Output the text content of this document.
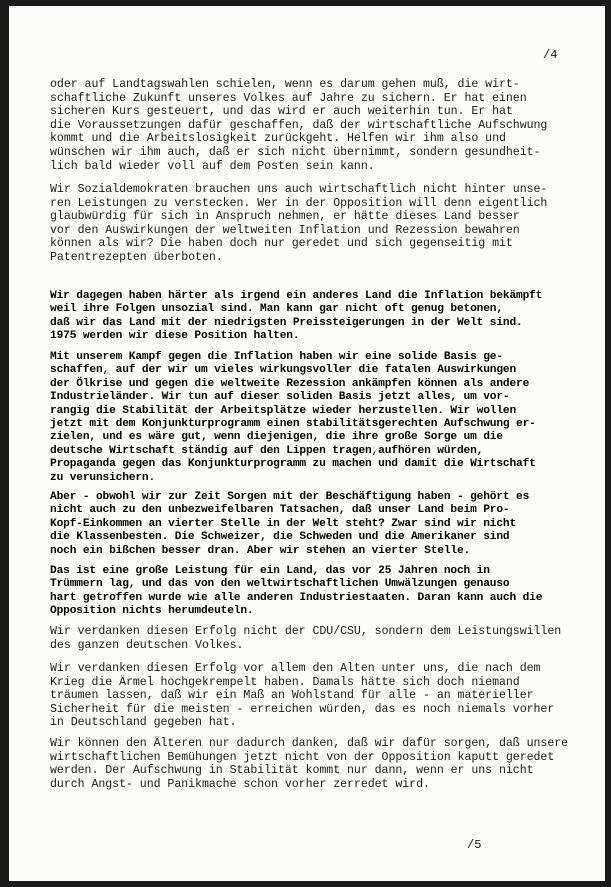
/4
oder auf Landtagswahlen schielen, wenn es darum gehen muß, die wirt-
schaftliche Zukunft unseres Volkes auf Jahre zu sichern. Er hat einen
sicheren Kurs gesteuert, und das wird er auch weiterhin tun. Er hat
die Voraussetzungen dafür geschaffen, daß der wirtschaftliche Aufschwung
kommt und die Arbeitslosigkeit zurückgeht. Helfen wir ihm also und
wünschen wir ihm auch, daß er sich nicht übernimmt, sondern gesundheit-
lich bald wieder voll auf dem Posten sein kann.
Wir Sozialdemokraten brauchen uns auch wirtschaftlich nicht hinter unse-
ren Leistungen zu verstecken. Wer in der Opposition will denn eigentlich
glaubwürdig für sich in Anspruch nehmen, er hätte dieses Land besser
vor den Auswirkungen der weltweiten Inflation und Rezession bewahren
können als wir? Die haben doch nur geredet und sich gegenseitig mit
Patentrezepten überboten.
Wir dagegen haben härter als irgend ein anderes Land die Inflation bekämpft
weil ihre Folgen unsozial sind. Man kann gar nicht oft genug betonen,
daß wir das Land mit der niedrigsten Preissteigerungen in der Welt sind.
1975 werden wir diese Position halten.
Mit unserem Kampf gegen die Inflation haben wir eine solide Basis ge-
schaffen, auf der wir um vieles wirkungsvoller die fatalen Auswirkungen
der Ölkrise und gegen die weltweite Rezession ankämpfen können als andere
Industrieländer. Wir tun auf dieser soliden Basis jetzt alles, um vor-
rangig die Stabilität der Arbeitsplätze wieder herzustellen. Wir wollen
jetzt mit dem Konjunkturprogramm einen stabilitätsgerechten Aufschwung er-
zielen, und es wäre gut, wenn diejenigen, die ihre große Sorge um die
deutsche Wirtschaft ständig auf den Lippen tragen,aufhören würden,
Propaganda gegen das Konjunkturprogramm zu machen und damit die Wirtschaft
zu verunsichern.
Aber - obwohl wir zur Zeit Sorgen mit der Beschäftigung haben - gehört es
nicht auch zu den unbezweifelbaren Tatsachen, daß unser Land beim Pro-
Kopf-Einkommen an vierter Stelle in der Welt steht? Zwar sind wir nicht
die Klassenbesten. Die Schweizer, die Schweden und die Amerikaner sind
noch ein bißchen besser dran. Aber wir stehen an vierter Stelle.
Das ist eine große Leistung für ein Land, das vor 25 Jahren noch in
Trümmern lag, und das von den weltwirtschaftlichen Umwälzungen genauso
hart getroffen wurde wie alle anderen Industriestaaten. Daran kann auch die
Opposition nichts herumdeuteln.
Wir verdanken diesen Erfolg nicht der CDU/CSU, sondern dem Leistungswillen
des ganzen deutschen Volkes.
Wir verdanken diesen Erfolg vor allem den Alten unter uns, die nach dem
Krieg die Ärmel hochgekrempelt haben. Damals hätte sich doch niemand
träumen lassen, daß wir ein Maß an Wohlstand für alle - an materieller
Sicherheit für die meisten - erreichen würden, das es noch niemals vorher
in Deutschland gegeben hat.
Wir können den Älteren nur dadurch danken, daß wir dafür sorgen, daß unsere
wirtschaftlichen Bemühungen jetzt nicht von der Opposition kaputt geredet
werden. Der Aufschwung in Stabilität kommt nur dann, wenn er uns nicht
durch Angst- und Panikmache schon vorher zerredet wird.
/5
